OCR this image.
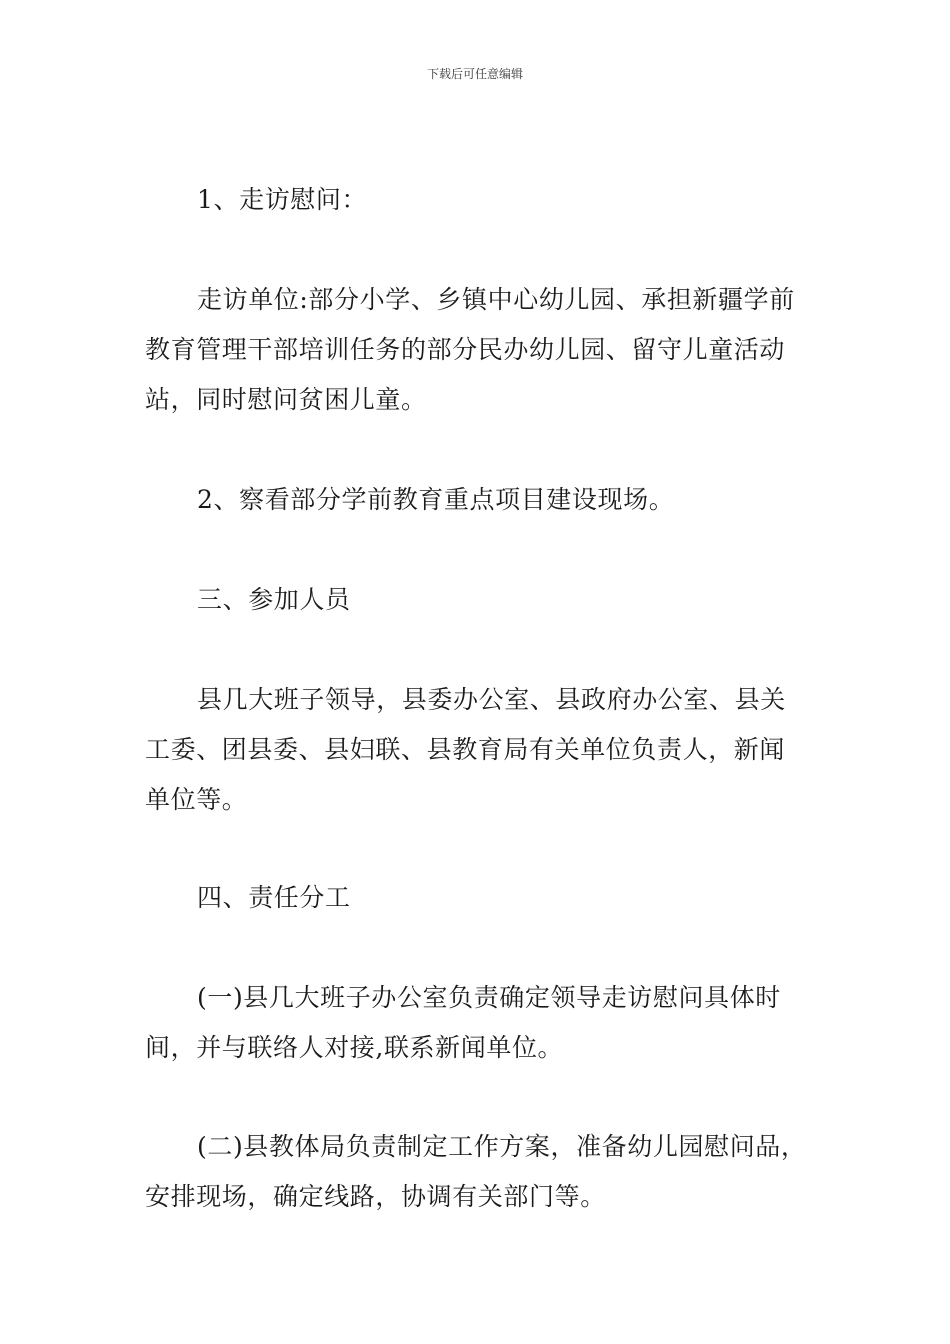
下载后可任意编辑
1、走访慰问：
走访单位:部分小学、乡镇中心幼儿园、承担新疆学前
教育管理干部培训任务的部分民办幼儿园、留守儿童活动
站，同时慰问贫困儿童。
2、察看部分学前教育重点项目建设现场。
三、参加人员
县几大班子领导，县委办公室、县政府办公室、县关
工委、团县委、县妇联、县教育局有关单位负责人，新闻
单位等。
四、责任分工
(一)县几大班子办公室负责确定领导走访慰问具体时
间，并与联络人对接,联系新闻单位。
(二)县教体局负责制定工作方案，准备幼儿园慰问品，
安排现场，确定线路，协调有关部门等。
